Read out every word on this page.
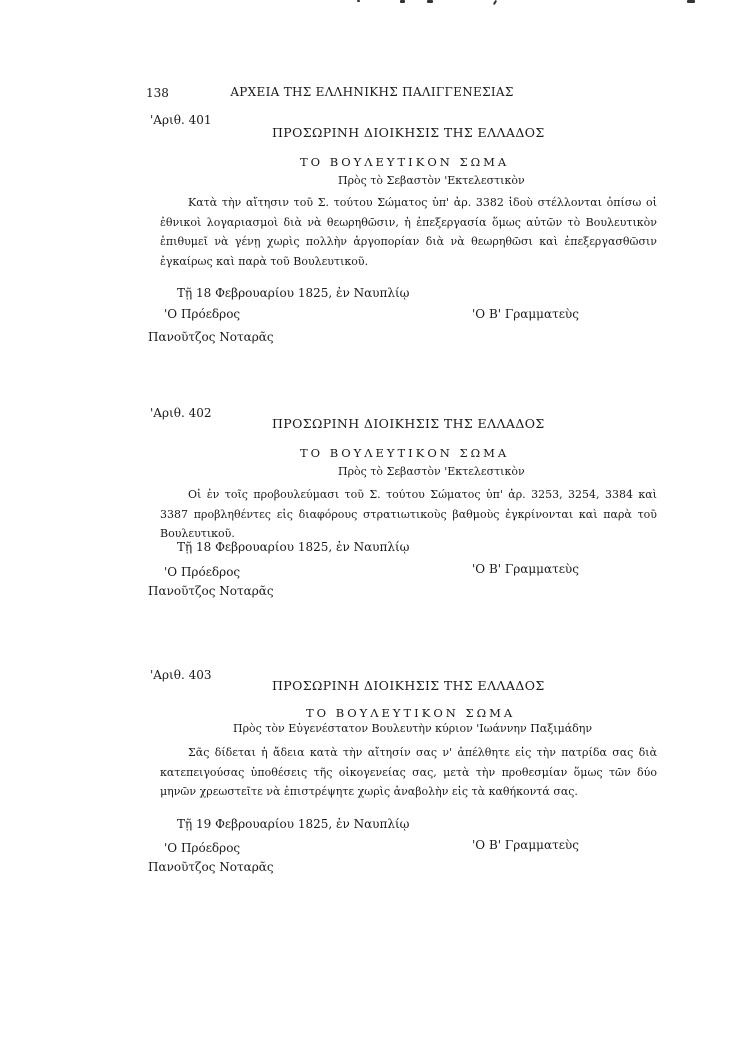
138	ΑΡΧΕΙΑ ΤΗΣ ΕΛΛΗΝΙΚΗΣ ΠΑΛΙΓΓΕΝΕΣΙΑΣ
'Αριθ. 401
ΠΡΟΣΩΡΙΝΗ ΔΙΟΙΚΗΣΙΣ ΤΗΣ ΕΛΛΑΔΟΣ
ΤΟ ΒΟΥΛΕΥΤΙΚΟΝ ΣΩΜΑ
Πρὸς τὸ Σεβαστὸν 'Εκτελεστικὸν
Κατὰ τὴν αἴτησιν τοῦ Σ. τούτου Σώματος ὑπ' ἀρ. 3382 ἰδοὺ στέλλονται ὀπίσω οἱ ἐθνικοὶ λογαριασμοὶ διὰ νὰ θεωρηθῶσιν, ἡ ἐπεξεργασία ὅμως αὐτῶν τὸ Βουλευτικὸν ἐπιθυμεῖ νὰ γένῃ χωρὶς πολλὴν ἀργοπορίαν διὰ νὰ θεωρηθῶσι καὶ ἐπεξεργασθῶσιν ἐγκαίρως καὶ παρὰ τοῦ Βουλευτικοῦ.
Τῇ 18 Φεβρουαρίου 1825, ἐν Ναυπλίῳ
'Ο Πρόεδρος	'Ο Β' Γραμματεὺς
Πανοῦτζος Νοταρᾶς
'Αριθ. 402
ΠΡΟΣΩΡΙΝΗ ΔΙΟΙΚΗΣΙΣ ΤΗΣ ΕΛΛΑΔΟΣ
ΤΟ ΒΟΥΛΕΥΤΙΚΟΝ ΣΩΜΑ
Πρὸς τὸ Σεβαστὸν 'Εκτελεστικὸν
Οἱ ἐν τοῖς προβουλεύμασι τοῦ Σ. τούτου Σώματος ὑπ' ἀρ. 3253, 3254, 3384 καὶ 3387 προβληθέντες εἰς διαφόρους στρατιωτικοὺς βαθμοὺς ἐγκρίνονται καὶ παρὰ τοῦ Βουλευτικοῦ.
Τῇ 18 Φεβρουαρίου 1825, ἐν Ναυπλίῳ
'Ο Πρόεδρος	'Ο Β' Γραμματεὺς
Πανοῦτζος Νοταρᾶς
'Αριθ. 403
ΠΡΟΣΩΡΙΝΗ ΔΙΟΙΚΗΣΙΣ ΤΗΣ ΕΛΛΑΔΟΣ
ΤΟ ΒΟΥΛΕΥΤΙΚΟΝ ΣΩΜΑ
Πρὸς τὸν Εὐγενέστατον Βουλευτὴν κύριον 'Ιωάννην Παξιμάδην
Σᾶς δίδεται ἡ ἄδεια κατὰ τὴν αἴτησίν σας ν' ἀπέλθητε εἰς τὴν πατρίδα σας διὰ κατεπειγούσας ὑποθέσεις τῆς οἰκογενείας σας, μετὰ τὴν προθεσμίαν ὅμως τῶν δύο μηνῶν χρεωστεῖτε νὰ ἐπιστρέψητε χωρὶς ἀναβολὴν εἰς τὰ καθήκοντά σας.
Τῇ 19 Φεβρουαρίου 1825, ἐν Ναυπλίῳ
'Ο Πρόεδρος	'Ο Β' Γραμματεὺς
Πανοῦτζος Νοταρᾶς
